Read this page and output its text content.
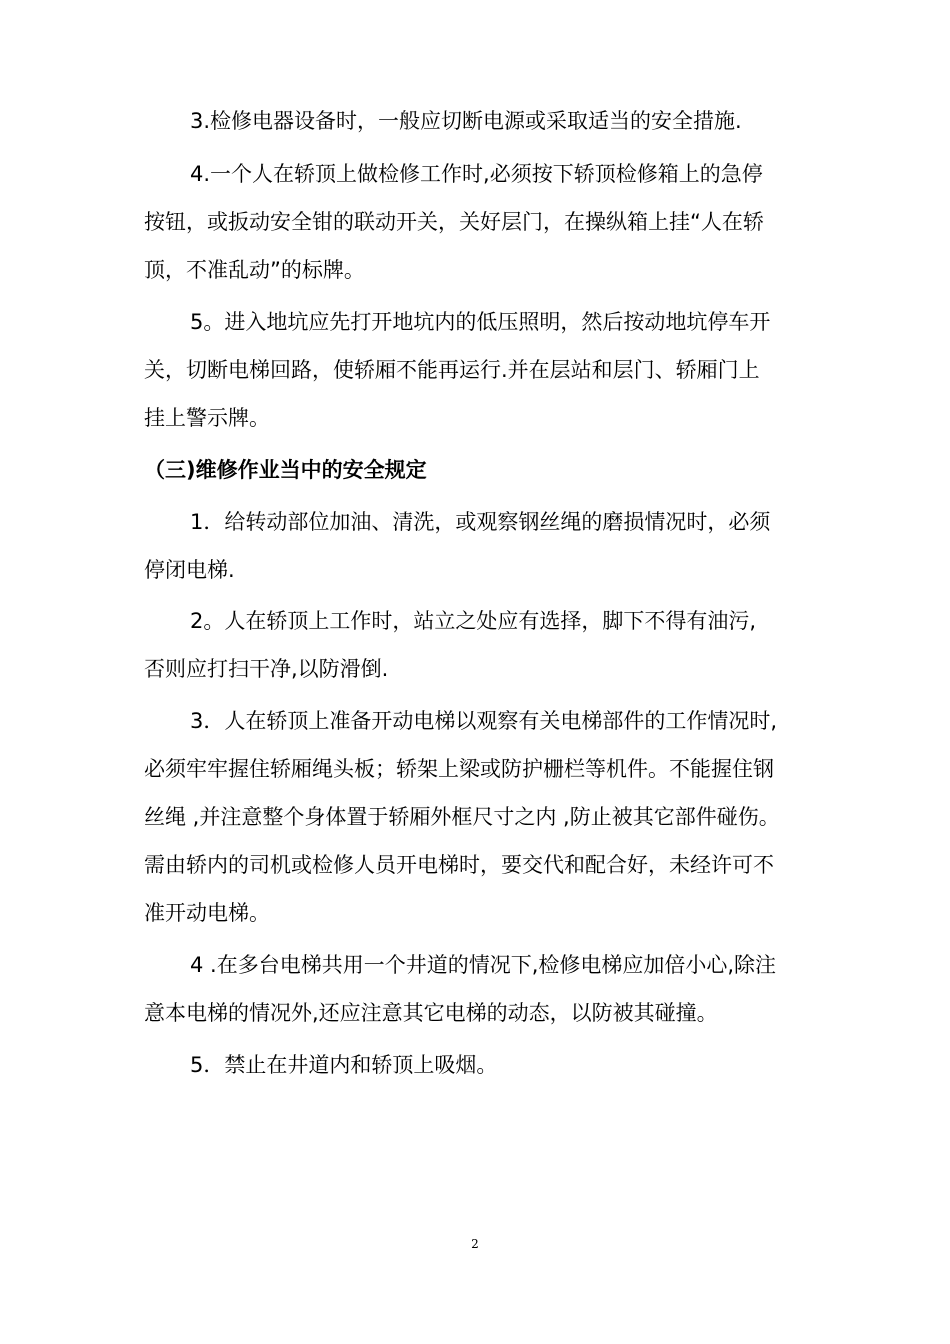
3.检修电器设备时，一般应切断电源或采取适当的安全措施.
4.一个人在轿顶上做检修工作时,必须按下轿顶检修箱上的急停
按钮，或扳动安全钳的联动开关，关好层门，在操纵箱上挂“人在轿
顶，不准乱动”的标牌。
5。进入地坑应先打开地坑内的低压照明，然后按动地坑停车开
关，切断电梯回路，使轿厢不能再运行.并在层站和层门、轿厢门上
挂上警示牌。
（三)维修作业当中的安全规定
1．给转动部位加油、清洗，或观察钢丝绳的磨损情况时，必须
停闭电梯.
2。人在轿顶上工作时，站立之处应有选择，脚下不得有油污,
否则应打扫干净,以防滑倒.
3．人在轿顶上准备开动电梯以观察有关电梯部件的工作情况时,
必须牢牢握住轿厢绳头板；轿架上梁或防护栅栏等机件。不能握住钢
丝绳 ,并注意整个身体置于轿厢外框尺寸之内 ,防止被其它部件碰伤。
需由轿内的司机或检修人员开电梯时，要交代和配合好，未经许可不
准开动电梯。
4 .在多台电梯共用一个井道的情况下,检修电梯应加倍小心,除注
意本电梯的情况外,还应注意其它电梯的动态，以防被其碰撞。
5．禁止在井道内和轿顶上吸烟。
2
